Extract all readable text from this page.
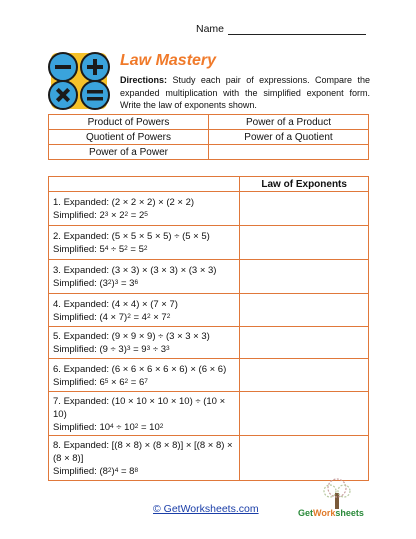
Name
Law Mastery
Directions: Study each pair of expressions. Compare the expanded multiplication with the simplified exponent form. Write the law of exponents shown.
Product of Powers	Power of a Product
Quotient of Powers	Power of a Quotient
Power of a Power	
	Law of Exponents

1. Expanded: (2 × 2 × 2) × (2 × 2)
Simplified: $2^3 \times 2^2 = 2^5$

2. Expanded: (5 × 5 × 5 × 5) ÷ (5 × 5)
Simplified: $5^4 \div 5^2 = 5^2$

3. Expanded: (3 × 3) × (3 × 3) × (3 × 3)
Simplified: $(3^2)^3 = 3^6$

4. Expanded: (4 × 4) × (7 × 7)
Simplified: $(4 \times 7)^2 = 4^2 \times 7^2$

5. Expanded: (9 × 9 × 9) ÷ (3 × 3 × 3)
Simplified: $(9 \div 3)^3 = 9^3 \div 3^3$

6. Expanded: (6 × 6 × 6 × 6 × 6) × (6 × 6)
Simplified: $6^5 \times 6^2 = 6^7$

7. Expanded: (10 × 10 × 10 × 10) ÷ (10 × 10)
Simplified: $10^4 \div 10^2 = 10^2$

8. Expanded: [(8 × 8) × (8 × 8)] × [(8 × 8) × (8 × 8)]
Simplified: $(8^2)^4 = 8^8$

© GetWorksheets.com	GetWorksheets
